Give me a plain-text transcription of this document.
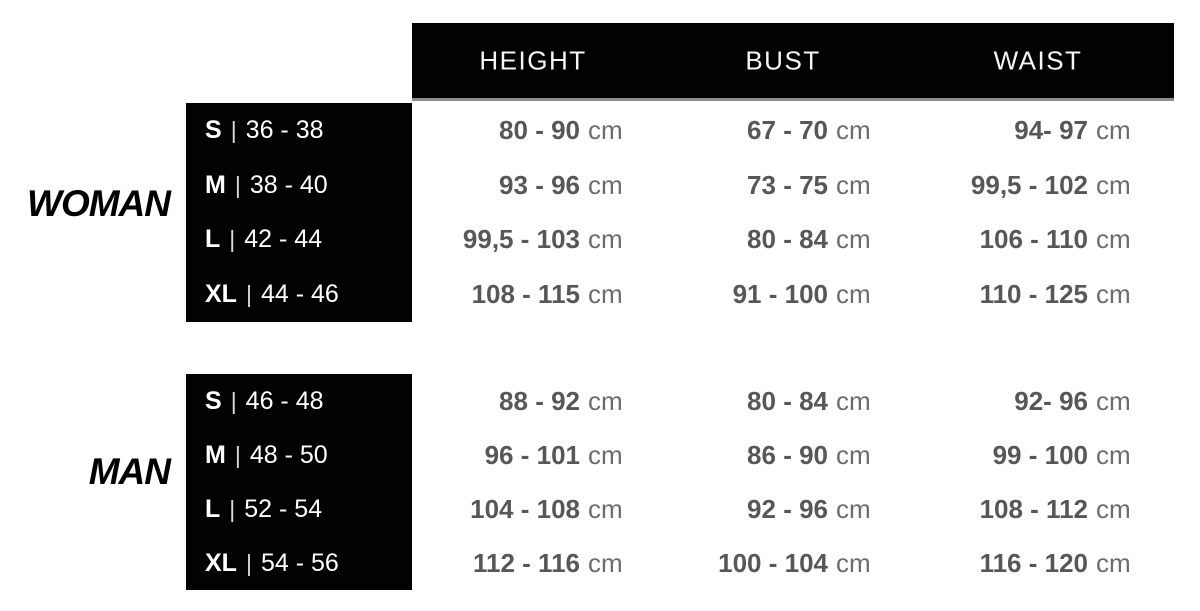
HEIGHT	BUST	WAIST
WOMAN
MAN
S | 36 - 38
M | 38 - 40
L | 42 - 44
XL | 44 - 46
80 - 90 cm
93 - 96 cm
99,5 - 103 cm
108 - 115 cm
67 - 70 cm
73 - 75 cm
80 - 84 cm
91 - 100 cm
94- 97 cm
99,5 - 102 cm
106 - 110 cm
110 - 125 cm
S | 46 - 48
M | 48 - 50
L | 52 - 54
XL | 54 - 56
88 - 92 cm
96 - 101 cm
104 - 108 cm
112 - 116 cm
80 - 84 cm
86 - 90 cm
92 - 96 cm
100 - 104 cm
92- 96 cm
99 - 100 cm
108 - 112 cm
116 - 120 cm
